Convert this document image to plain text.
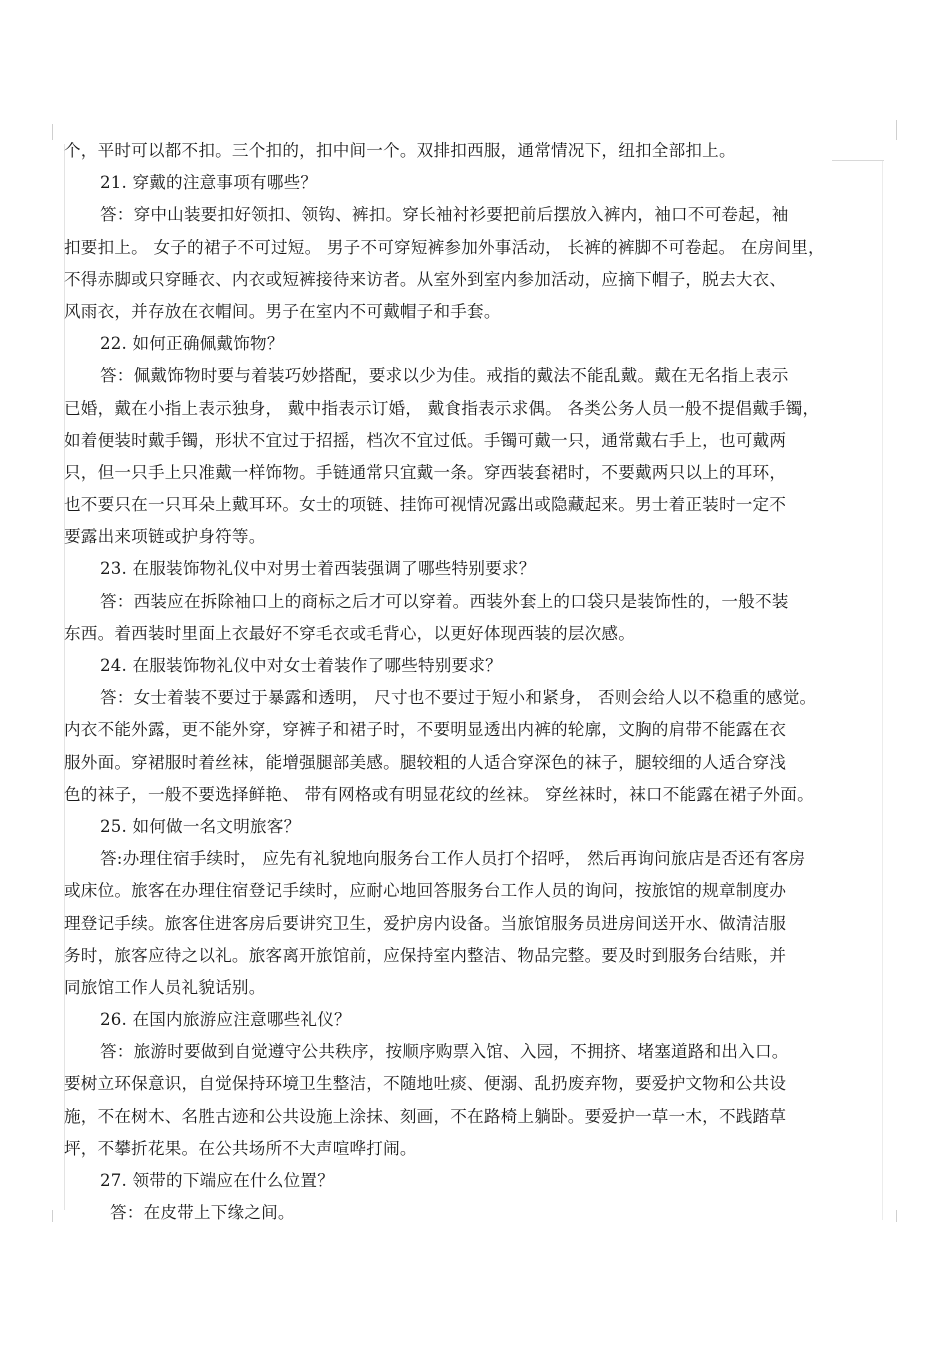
个，平时可以都不扣。三个扣的，扣中间一个。双排扣西服，通常情况下，纽扣全部扣上。
21. 穿戴的注意事项有哪些？
答：穿中山装要扣好领扣、领钩、裤扣。穿长袖衬衫要把前后摆放入裤内，袖口不可卷起，袖
扣要扣上。 女子的裙子不可过短。 男子不可穿短裤参加外事活动， 长裤的裤脚不可卷起。 在房间里，
不得赤脚或只穿睡衣、内衣或短裤接待来访者。从室外到室内参加活动，应摘下帽子，脱去大衣、
风雨衣，并存放在衣帽间。男子在室内不可戴帽子和手套。
22. 如何正确佩戴饰物？
答：佩戴饰物时要与着装巧妙搭配，要求以少为佳。戒指的戴法不能乱戴。戴在无名指上表示
已婚，戴在小指上表示独身， 戴中指表示订婚， 戴食指表示求偶。 各类公务人员一般不提倡戴手镯，
如着便装时戴手镯，形状不宜过于招摇，档次不宜过低。手镯可戴一只，通常戴右手上，也可戴两
只，但一只手上只准戴一样饰物。手链通常只宜戴一条。穿西装套裙时，不要戴两只以上的耳环，
也不要只在一只耳朵上戴耳环。女士的项链、挂饰可视情况露出或隐藏起来。男士着正装时一定不
要露出来项链或护身符等。
23. 在服装饰物礼仪中对男士着西装强调了哪些特别要求？
答：西装应在拆除袖口上的商标之后才可以穿着。西装外套上的口袋只是装饰性的，一般不装
东西。着西装时里面上衣最好不穿毛衣或毛背心，以更好体现西装的层次感。
24. 在服装饰物礼仪中对女士着装作了哪些特别要求？
答：女士着装不要过于暴露和透明， 尺寸也不要过于短小和紧身， 否则会给人以不稳重的感觉。
内衣不能外露，更不能外穿，穿裤子和裙子时，不要明显透出内裤的轮廓，文胸的肩带不能露在衣
服外面。穿裙服时着丝袜，能增强腿部美感。腿较粗的人适合穿深色的袜子，腿较细的人适合穿浅
色的袜子，一般不要选择鲜艳、 带有网格或有明显花纹的丝袜。 穿丝袜时，袜口不能露在裙子外面。
25. 如何做一名文明旅客？
答:办理住宿手续时， 应先有礼貌地向服务台工作人员打个招呼， 然后再询问旅店是否还有客房
或床位。旅客在办理住宿登记手续时，应耐心地回答服务台工作人员的询问，按旅馆的规章制度办
理登记手续。旅客住进客房后要讲究卫生，爱护房内设备。当旅馆服务员进房间送开水、做清洁服
务时，旅客应待之以礼。旅客离开旅馆前，应保持室内整洁、物品完整。要及时到服务台结账，并
同旅馆工作人员礼貌话别。
26. 在国内旅游应注意哪些礼仪？
答：旅游时要做到自觉遵守公共秩序，按顺序购票入馆、入园，不拥挤、堵塞道路和出入口。
要树立环保意识，自觉保持环境卫生整洁，不随地吐痰、便溺、乱扔废弃物，要爱护文物和公共设
施，不在树木、名胜古迹和公共设施上涂抹、刻画，不在路椅上躺卧。要爱护一草一木，不践踏草
坪，不攀折花果。在公共场所不大声喧哗打闹。
27. 领带的下端应在什么位置？
答：在皮带上下缘之间。
